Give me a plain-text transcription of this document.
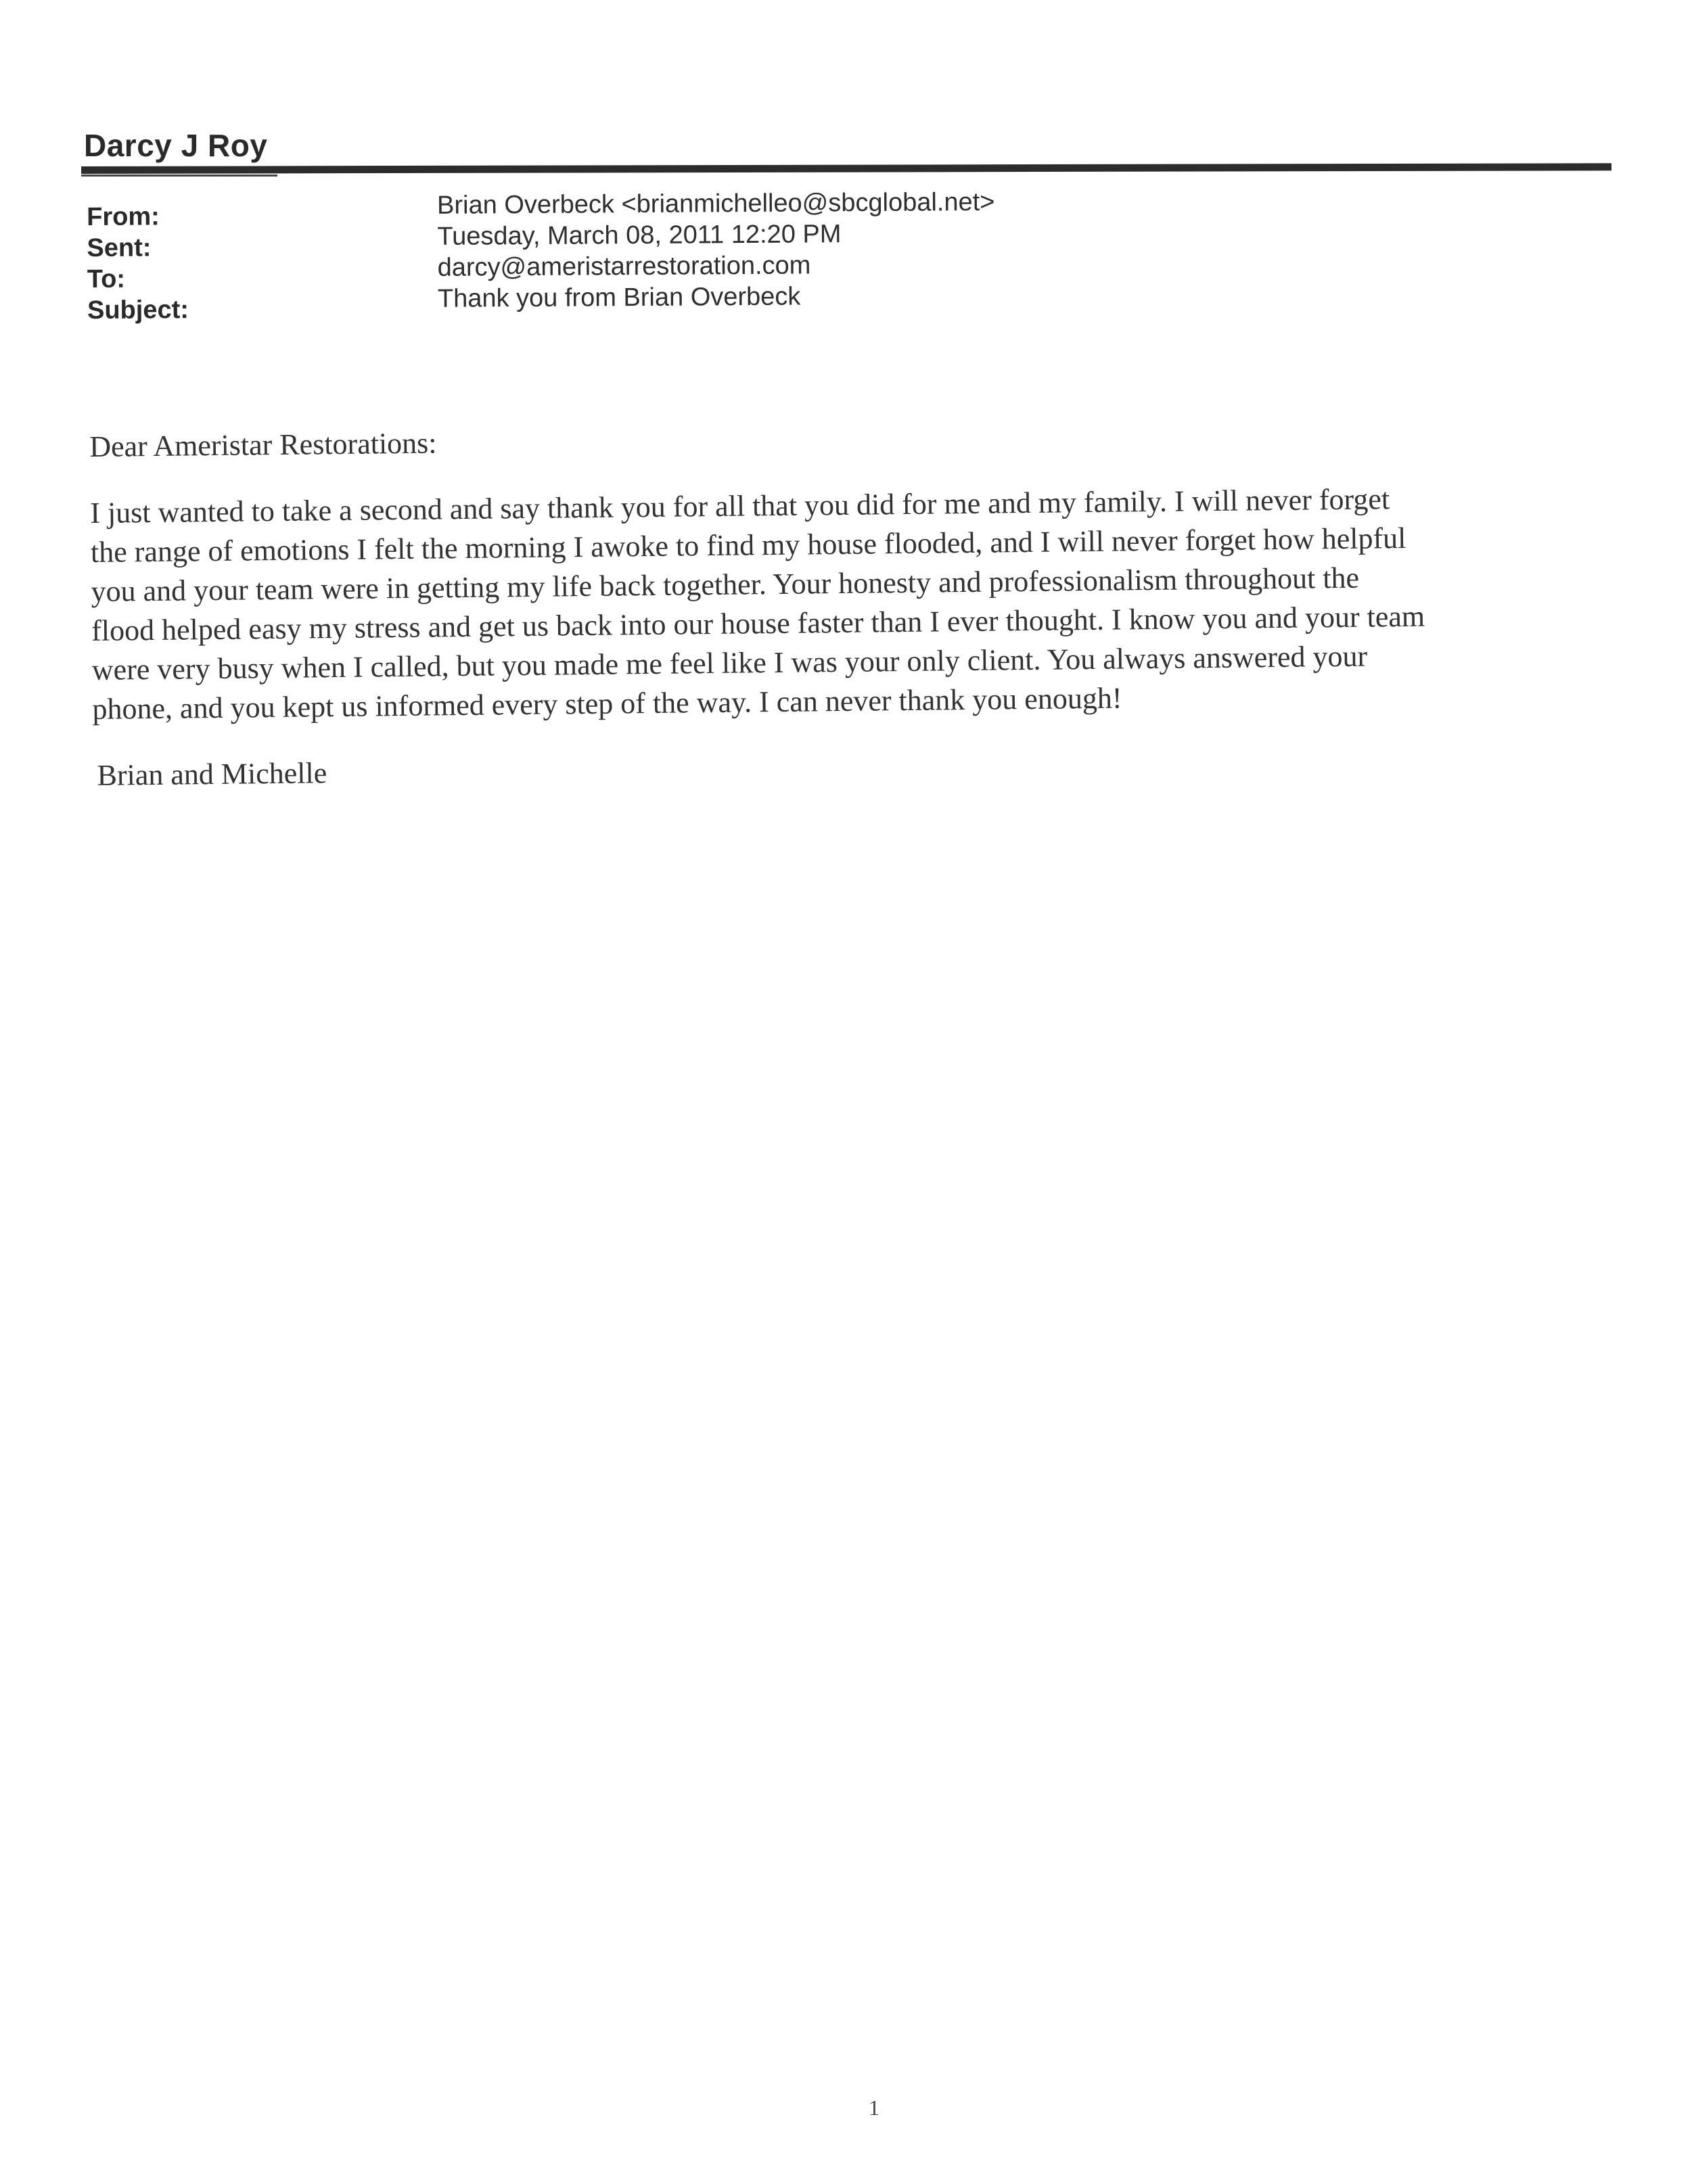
Darcy J Roy
From:	Brian Overbeck <brianmichelleo@sbcglobal.net>
Sent:	Tuesday, March 08, 2011 12:20 PM
To:	darcy@ameristarrestoration.com
Subject:	Thank you from Brian Overbeck

Dear Ameristar Restorations:

I just wanted to take a second and say thank you for all that you did for me and my family. I will never forget
the range of emotions I felt the morning I awoke to find my house flooded, and I will never forget how helpful
you and your team were in getting my life back together. Your honesty and professionalism throughout the
flood helped easy my stress and get us back into our house faster than I ever thought. I know you and your team
were very busy when I called, but you made me feel like I was your only client. You always answered your
phone, and you kept us informed every step of the way. I can never thank you enough!

Brian and Michelle

1
